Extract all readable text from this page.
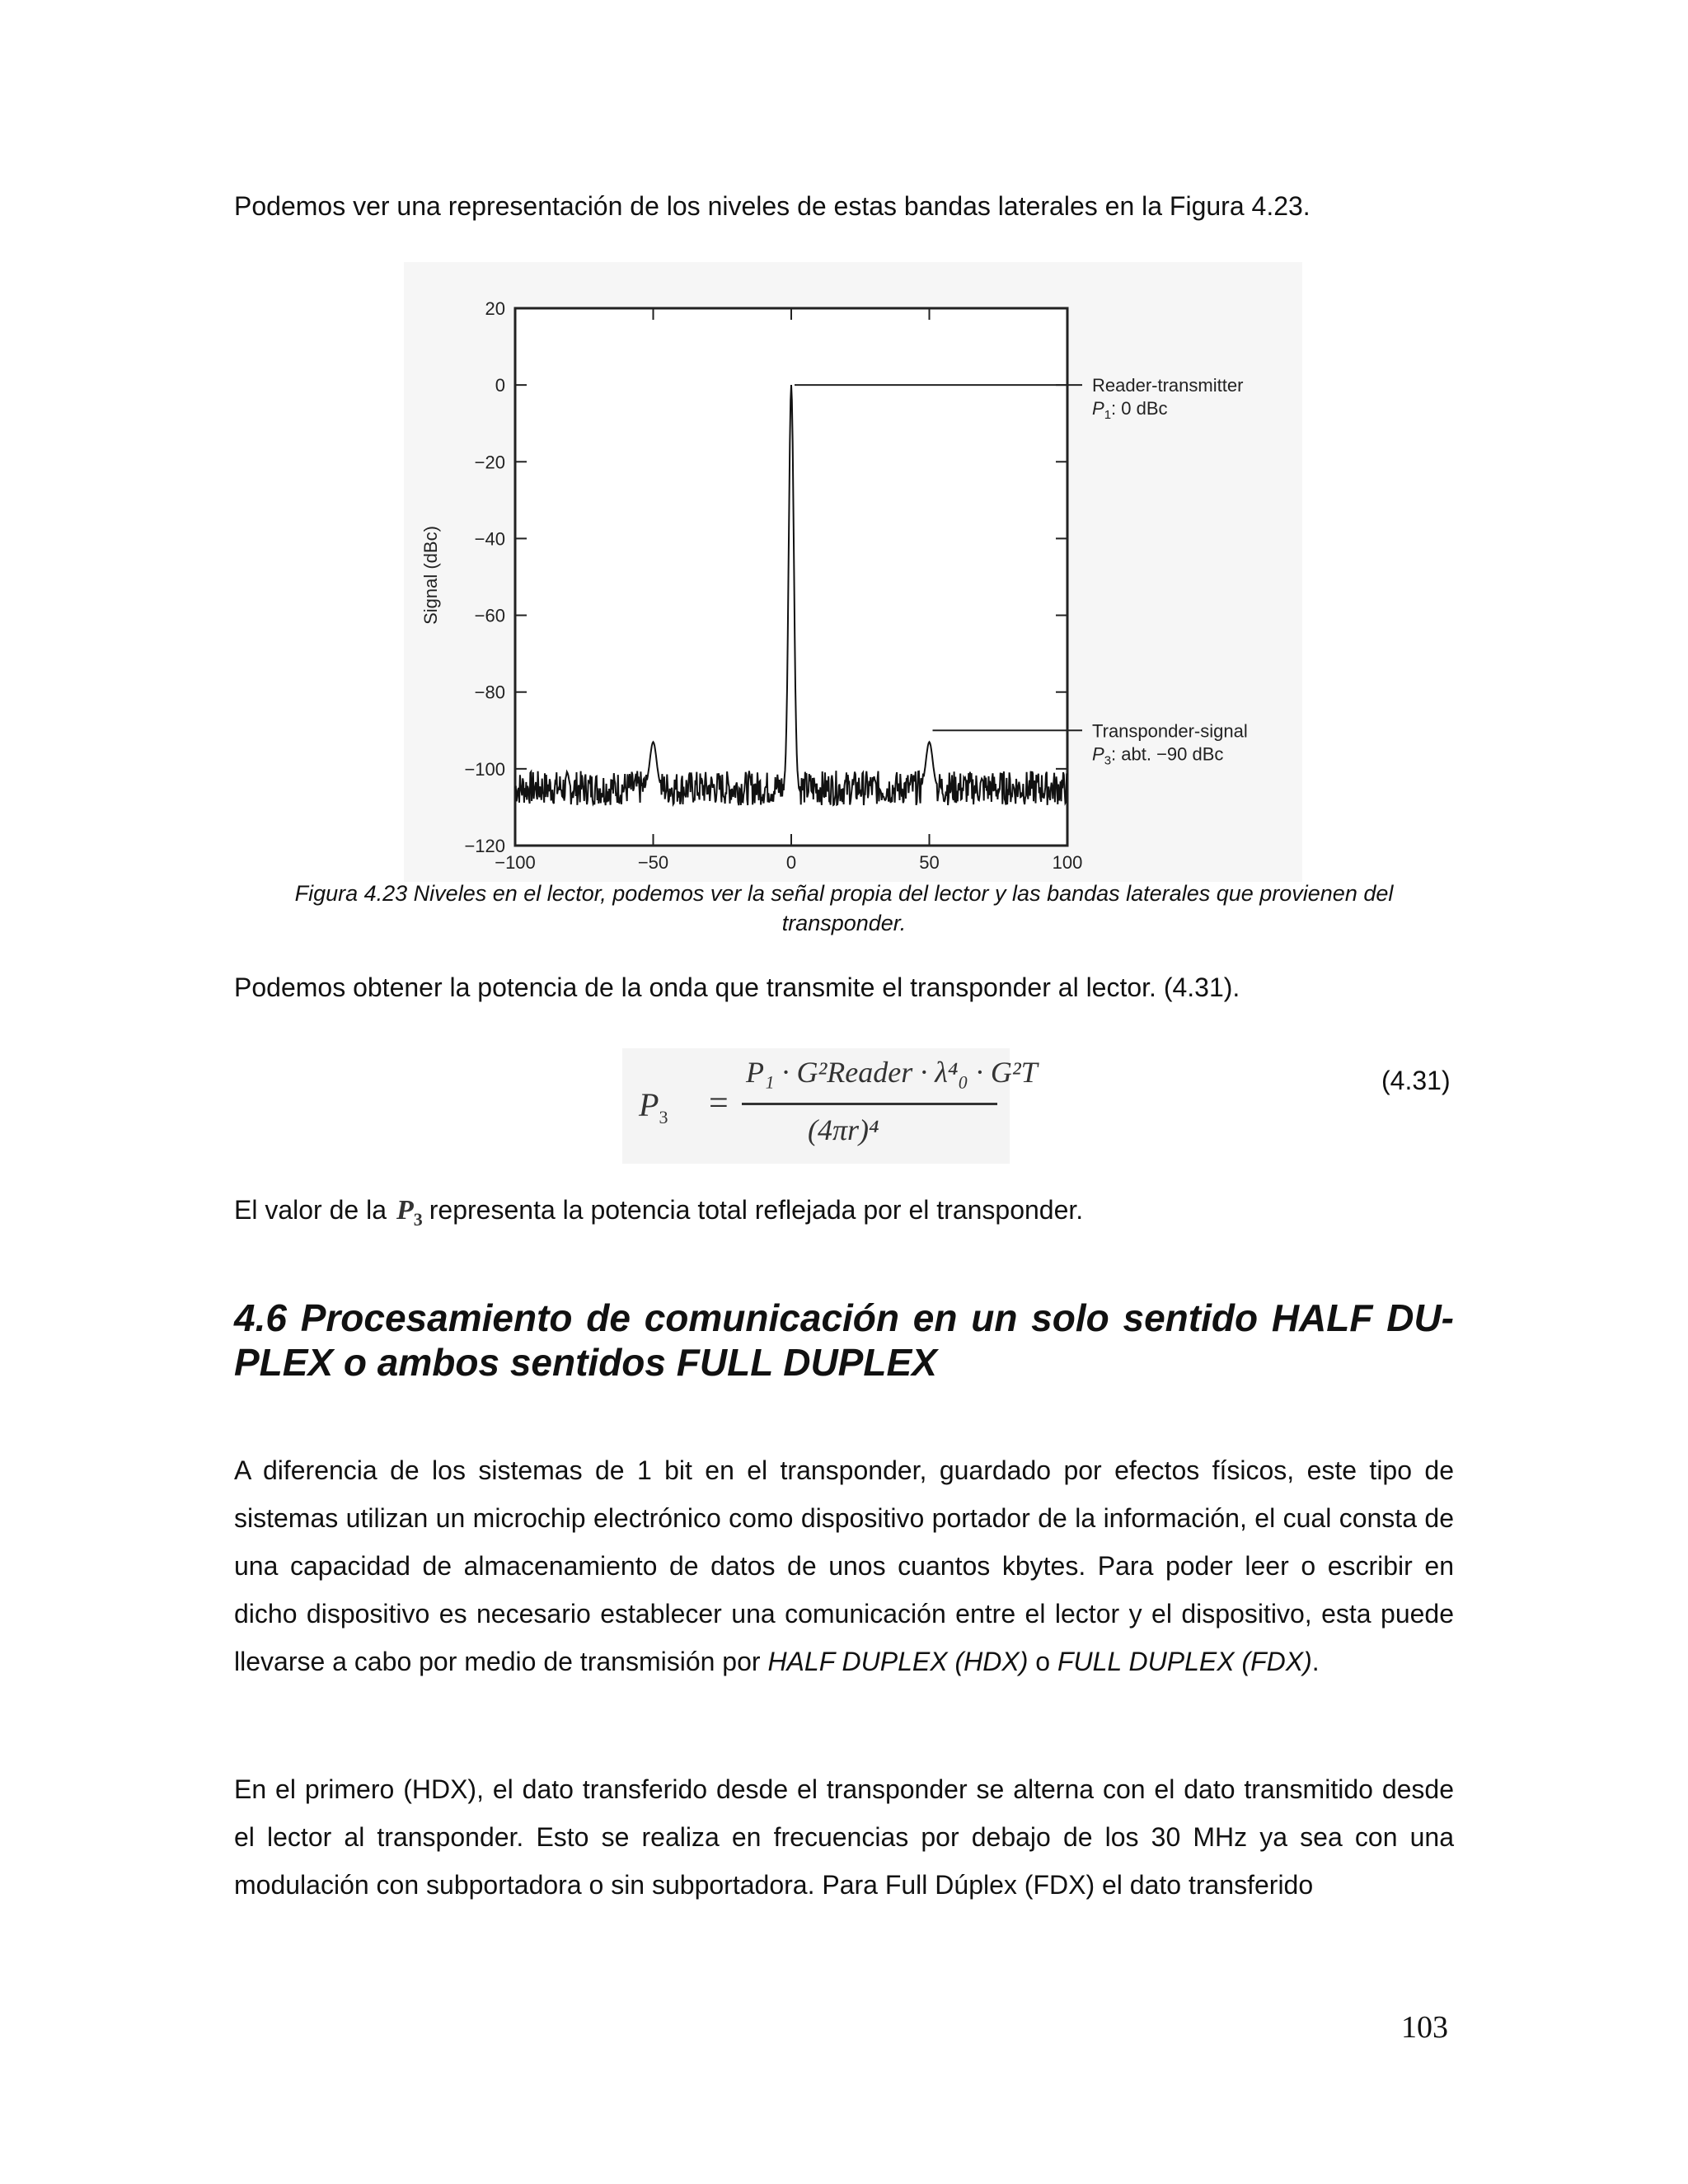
Podemos ver una representación de los niveles de estas bandas laterales en la Figura 4.23.

−100	−50	0	50	100
20
0
−20
−40
−60
−80
−100
−120
Signal (dBc)
Reader-transmitter
$P_1$: 0 dBc
Transponder-signal
$P_3$: abt. −90 dBc

Figura 4.23 Niveles en el lector, podemos ver la señal propia del lector y las bandas laterales que provienen del transponder.

Podemos obtener la potencia de la onda que transmite el transponder al lector. (4.31).

$P_3$ =
P₁ · G²Reader · λ⁴₀ · G²T
(4πr)⁴

(4.31)

El valor de la $P_3$ representa la potencia total reflejada por el transponder.

4.6 Procesamiento de comunicación en un solo sentido HALF DU- PLEX o ambos sentidos FULL DUPLEX

A diferencia de los sistemas de 1 bit en el transponder, guardado por efectos físicos, este tipo de sistemas utilizan un microchip electrónico como dispositivo portador de la información, el cual consta de una capacidad de almacenamiento de datos de unos cuantos kbytes. Para poder leer o escribir en dicho dispositivo es necesario establecer una comunicación entre el lector y el dispositivo, esta puede llevarse a cabo por medio de transmisión por HALF DUPLEX (HDX) o FULL DUPLEX (FDX).

En el primero (HDX), el dato transferido desde el transponder se alterna con el dato transmitido desde el lector al transponder. Esto se realiza en frecuencias por debajo de los 30 MHz ya sea con una modulación con subportadora o sin subportadora. Para Full Dúplex (FDX) el dato transferido

103
